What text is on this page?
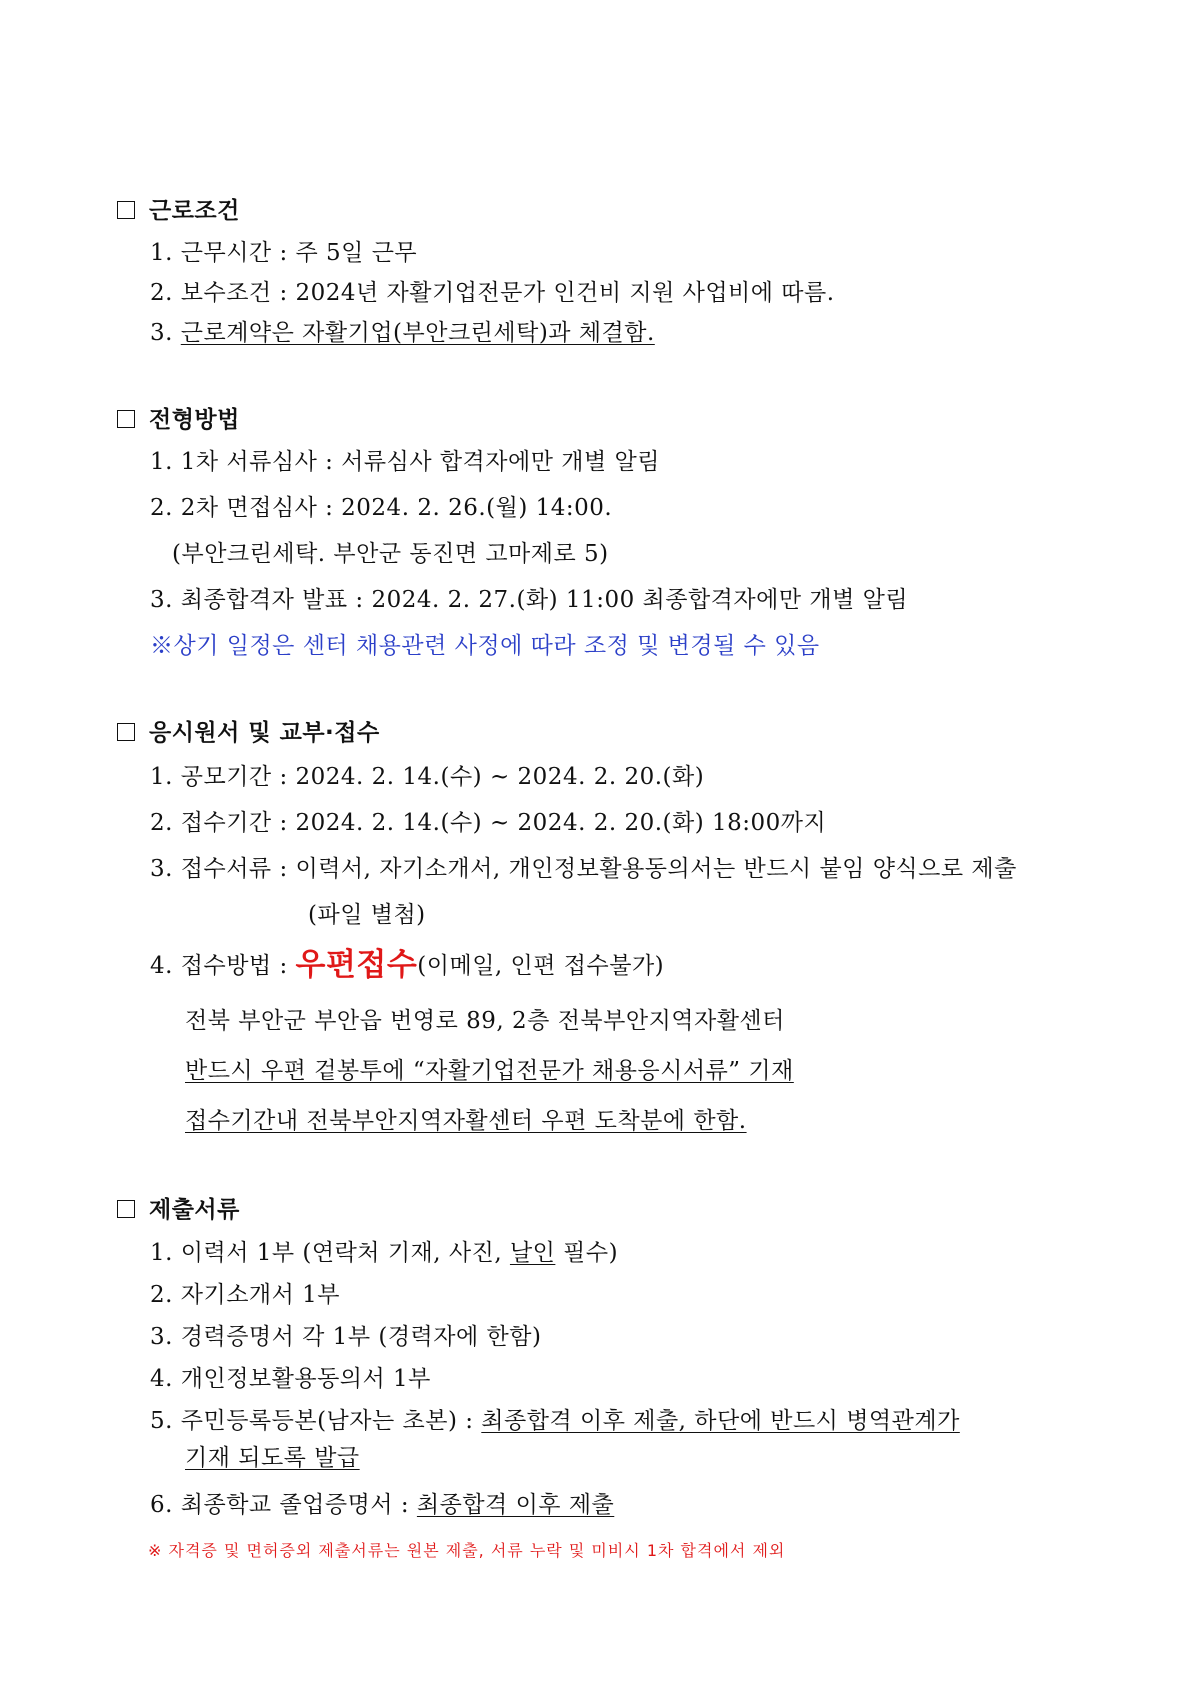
근로조건
1. 근무시간 : 주 5일 근무
2. 보수조건 : 2024년 자활기업전문가 인건비 지원 사업비에 따름.
3. 근로계약은 자활기업(부안크린세탁)과 체결함.
전형방법
1. 1차 서류심사 : 서류심사 합격자에만 개별 알림
2. 2차 면접심사 : 2024. 2. 26.(월) 14:00.
(부안크린세탁. 부안군 동진면 고마제로 5)
3. 최종합격자 발표 : 2024. 2. 27.(화) 11:00 최종합격자에만 개별 알림
※상기 일정은 센터 채용관련 사정에 따라 조정 및 변경될 수 있음
응시원서 및 교부·접수
1. 공모기간 : 2024. 2. 14.(수) ~ 2024. 2. 20.(화)
2. 접수기간 : 2024. 2. 14.(수) ~ 2024. 2. 20.(화) 18:00까지
3. 접수서류 : 이력서, 자기소개서, 개인정보활용동의서는 반드시 붙임 양식으로 제출
(파일 별첨)
4. 접수방법 : 우편접수(이메일, 인편 접수불가)
전북 부안군 부안읍 번영로 89, 2층 전북부안지역자활센터
반드시 우편 겉봉투에 “자활기업전문가 채용응시서류” 기재
접수기간내 전북부안지역자활센터 우편 도착분에 한함.
제출서류
1. 이력서 1부 (연락처 기재, 사진, 날인 필수)
2. 자기소개서 1부
3. 경력증명서 각 1부 (경력자에 한함)
4. 개인정보활용동의서 1부
5. 주민등록등본(남자는 초본) : 최종합격 이후 제출, 하단에 반드시 병역관계가
기재 되도록 발급
6. 최종학교 졸업증명서 : 최종합격 이후 제출
※ 자격증 및 면허증외 제출서류는 원본 제출, 서류 누락 및 미비시 1차 합격에서 제외
